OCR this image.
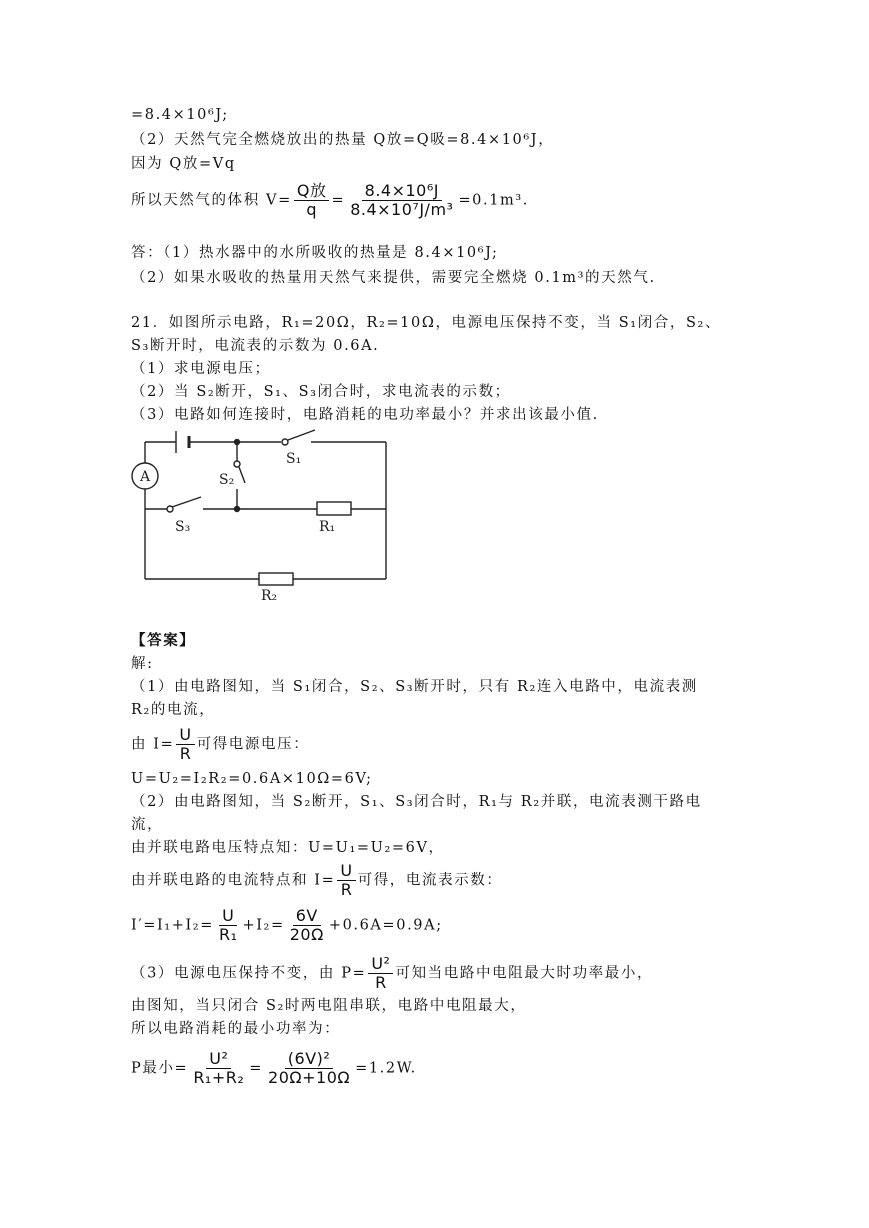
=8.4×10⁶J;
（2）天然气完全燃烧放出的热量 Q放=Q吸=8.4×10⁶J，
因为 Q放=Vq
所以天然气的体积 $V= \frac{\text{Q放}}{q} = \frac{\text{8.4×10⁶J}}{\text{8.4×10⁷J/m³}} =0.1m^3$.
答：（1）热水器中的水所吸收的热量是 8.4×10⁶J;
（2）如果水吸收的热量用天然气来提供，需要完全燃烧 0.1m³的天然气.
21．如图所示电路，R₁=20Ω，R₂=10Ω，电源电压保持不变，当 S₁闭合，S₂、
S₃断开时，电流表的示数为 0.6A.
（1）求电源电压；
（2）当 S₂断开，S₁、S₃闭合时，求电流表的示数；
（3）电路如何连接时，电路消耗的电功率最小？并求出该最小值.
A
S₁
S₂
S₃	R₁
R₂
【答案】
解:
（1）由电路图知，当 S₁闭合，S₂、S₃断开时，只有 R₂连入电路中，电流表测
R₂的电流，
由 $I= \frac{U}{R}$ 可得电源电压：
U=U₂=I₂R₂=0.6A×10Ω=6V;
（2）由电路图知，当 S₂断开，S₁、S₃闭合时，R₁与 R₂并联，电流表测干路电
流，
由并联电路电压特点知：U=U₁=U₂=6V，
由并联电路的电流特点和 $I= \frac{U}{R}$ 可得，电流表示数：
$I'=I_1+I_2= \frac{U}{\text{R₁}} +I_2= \frac{6V}{20\Omega} +0.6A=0.9A$;
（3）电源电压保持不变，由 $P= \frac{\text{U²}}{R}$ 可知当电路中电阻最大时功率最小，
由图知，当只闭合 S₂时两电阻串联，电路中电阻最大，
所以电路消耗的最小功率为：
P最小= $\frac{\text{U²}}{\text{R₁+R₂}} = \frac{\text{(6V)²}}{20\Omega+10\Omega} =1.2W$.
